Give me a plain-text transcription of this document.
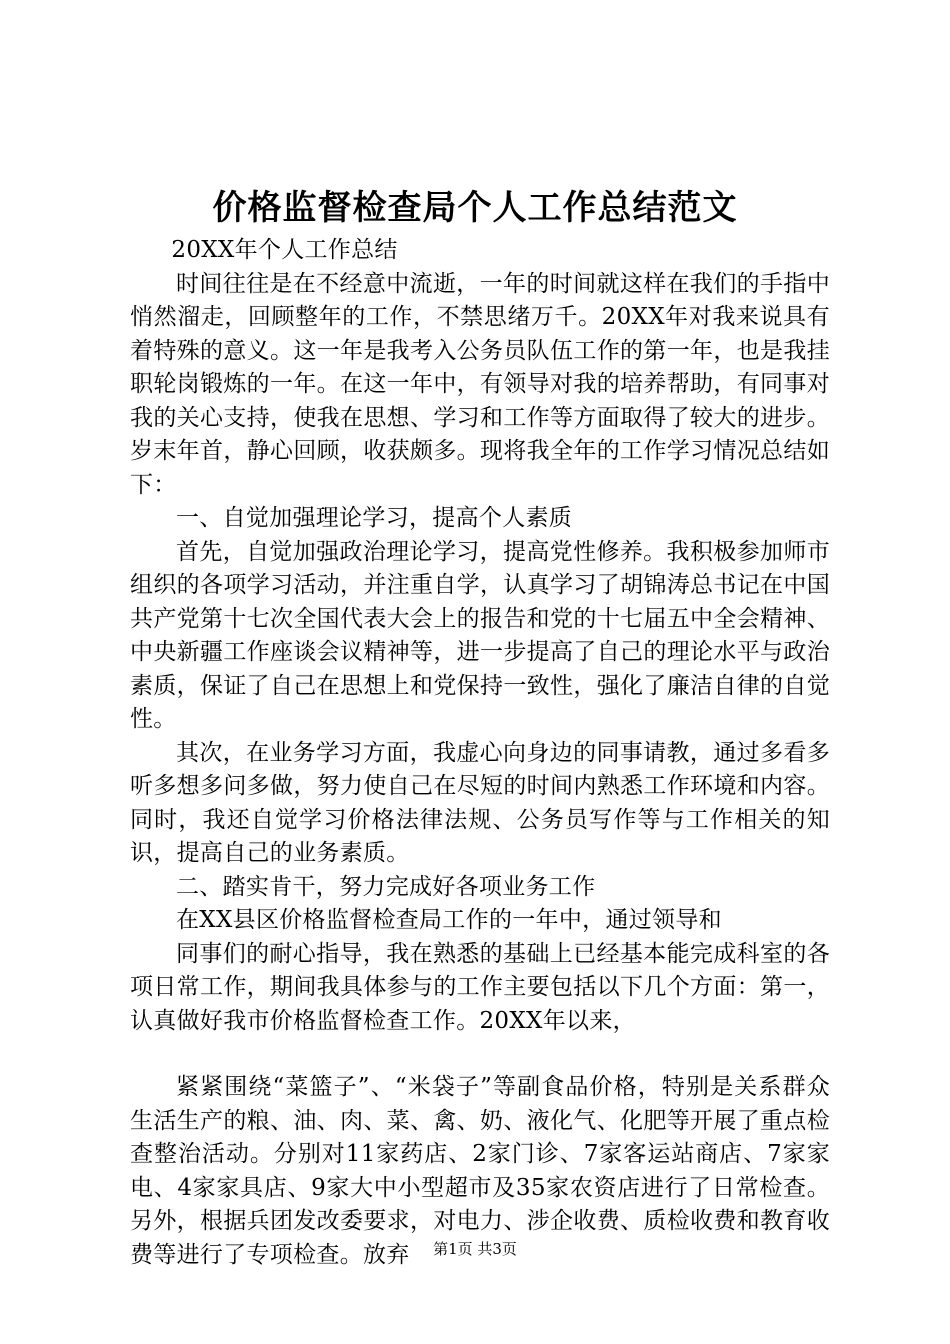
价格监督检查局个人工作总结范文

20XX年个人工作总结

时间往往是在不经意中流逝，一年的时间就这样在我们的手指中悄然溜走，回顾整年的工作，不禁思绪万千。20XX年对我来说具有着特殊的意义。这一年是我考入公务员队伍工作的第一年，也是我挂职轮岗锻炼的一年。在这一年中，有领导对我的培养帮助，有同事对我的关心支持，使我在思想、学习和工作等方面取得了较大的进步。岁末年首，静心回顾，收获颇多。现将我全年的工作学习情况总结如下：

一、自觉加强理论学习，提高个人素质

首先，自觉加强政治理论学习，提高党性修养。我积极参加师市组织的各项学习活动，并注重自学，认真学习了胡锦涛总书记在中国共产党第十七次全国代表大会上的报告和党的十七届五中全会精神、中央新疆工作座谈会议精神等，进一步提高了自己的理论水平与政治素质，保证了自己在思想上和党保持一致性，强化了廉洁自律的自觉性。

其次，在业务学习方面，我虚心向身边的同事请教，通过多看多听多想多问多做，努力使自己在尽短的时间内熟悉工作环境和内容。同时，我还自觉学习价格法律法规、公务员写作等与工作相关的知识，提高自己的业务素质。

二、踏实肯干，努力完成好各项业务工作

在XX县区价格监督检查局工作的一年中，通过领导和

同事们的耐心指导，我在熟悉的基础上已经基本能完成科室的各项日常工作，期间我具体参与的工作主要包括以下几个方面：第一，认真做好我市价格监督检查工作。20XX年以来，

紧紧围绕“菜篮子”、“米袋子”等副食品价格，特别是关系群众生活生产的粮、油、肉、菜、禽、奶、液化气、化肥等开展了重点检查整治活动。分别对11家药店、2家门诊、7家客运站商店、7家家电、4家家具店、9家大中小型超市及35家农资店进行了日常检查。另外，根据兵团发改委要求，对电力、涉企收费、质检收费和教育收费等进行了专项检查。放弃	第1页 共3页
